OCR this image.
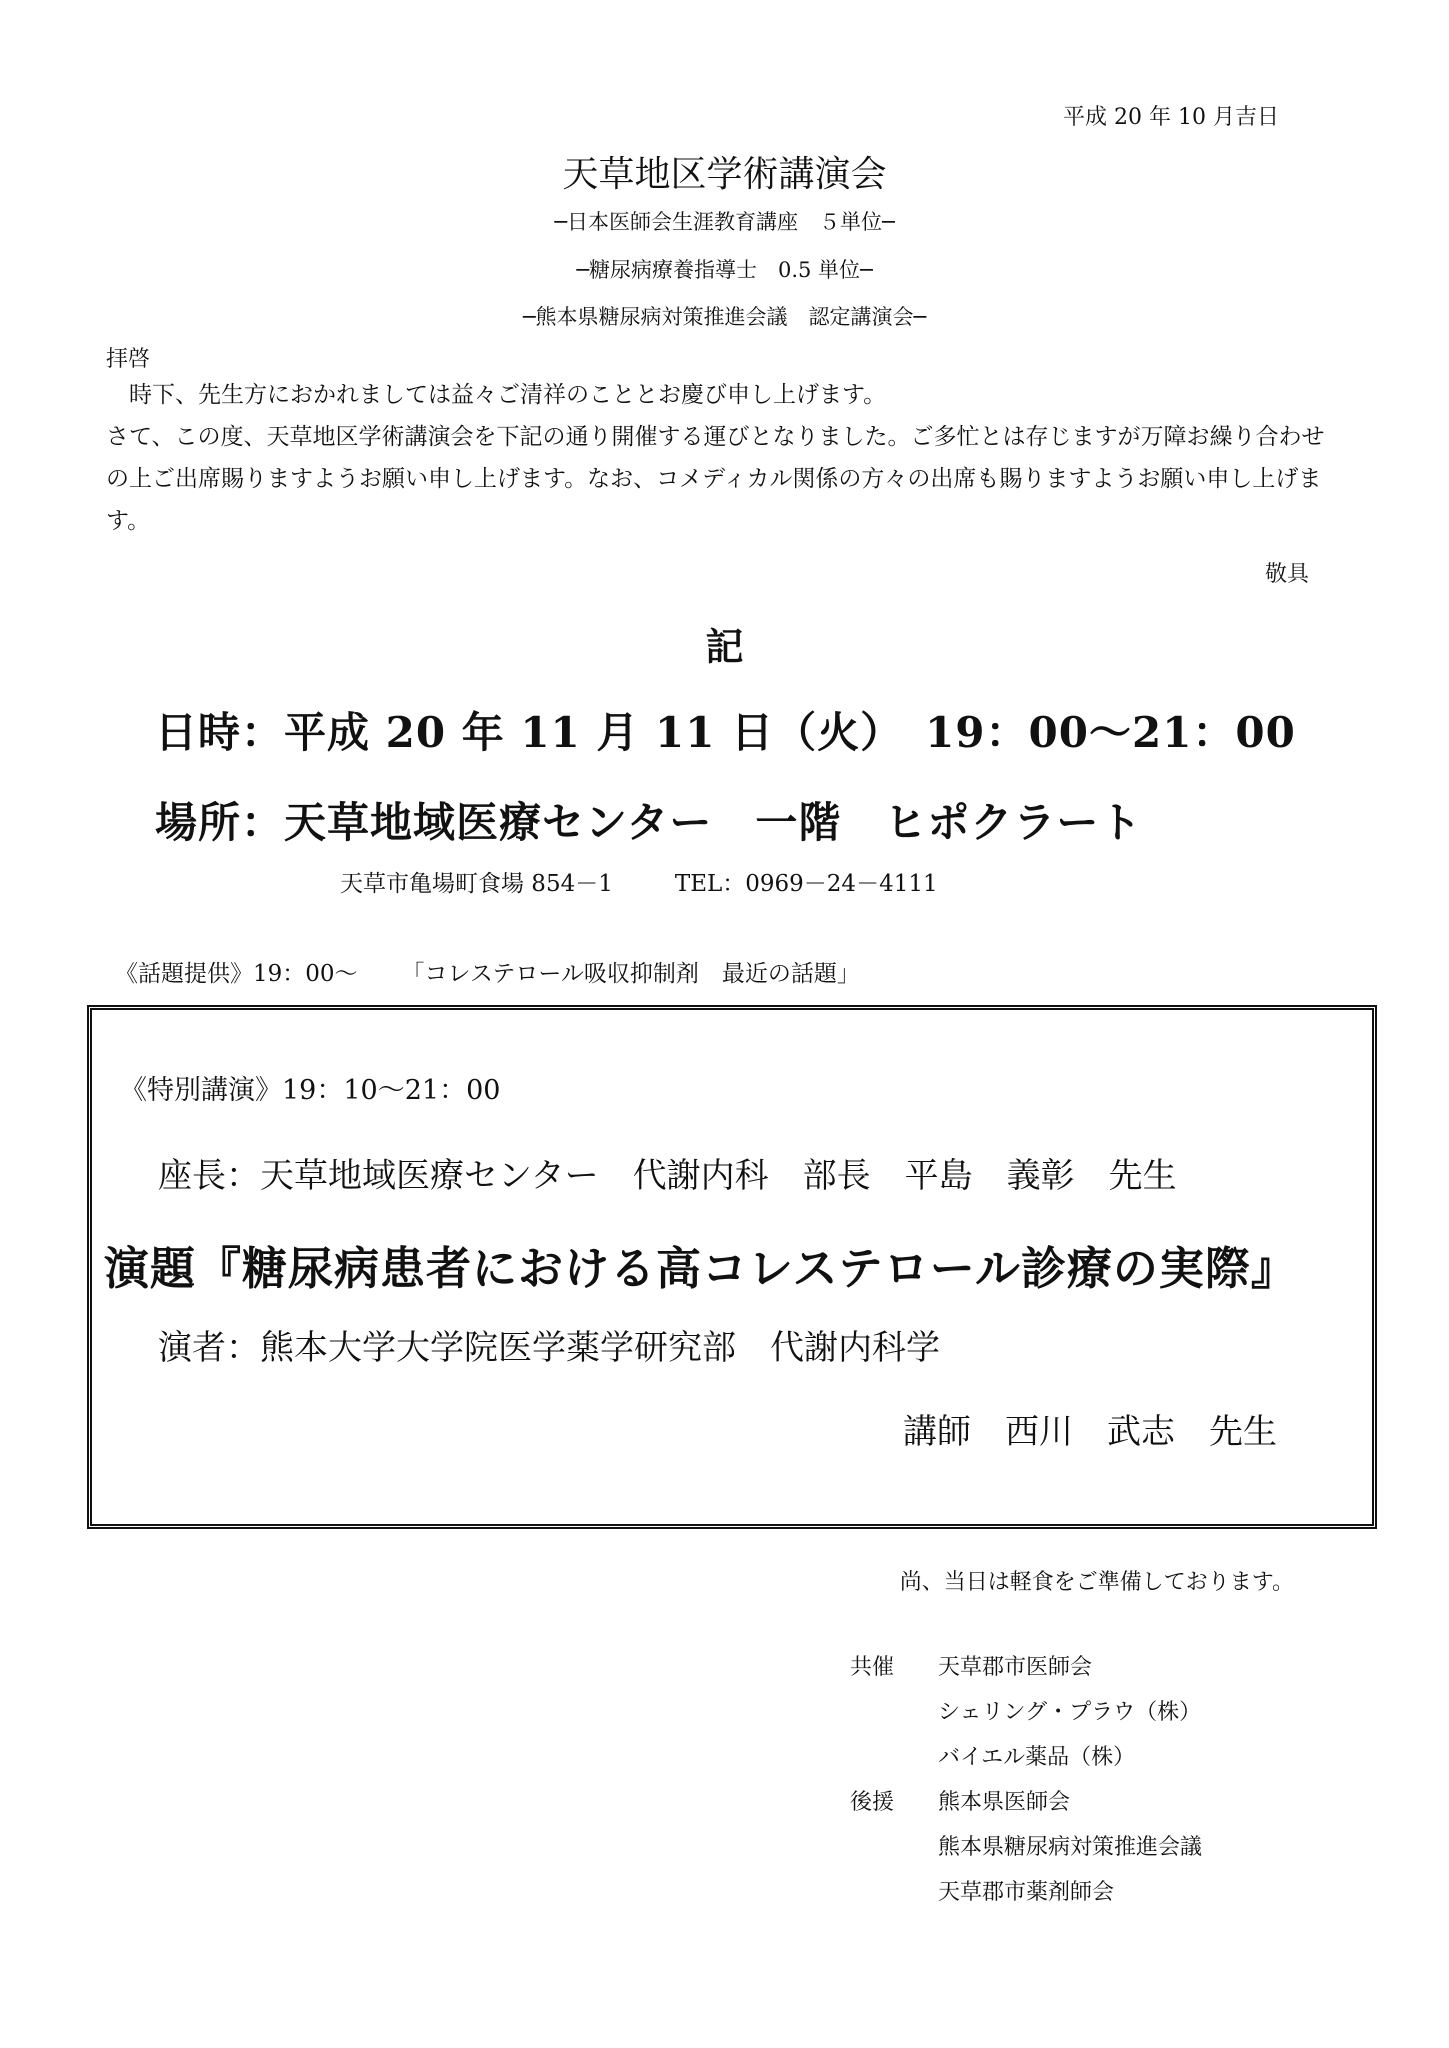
平成 20 年 10 月吉日
天草地区学術講演会
─日本医師会生涯教育講座　５単位─
─糖尿病療養指導士　0.5 単位─
─熊本県糖尿病対策推進会議　認定講演会─
拝啓
時下、先生方におかれましては益々ご清祥のこととお慶び申し上げます。
さて、この度、天草地区学術講演会を下記の通り開催する運びとなりました。ご多忙とは存じますが万障お繰り合わせの上ご出席賜りますようお願い申し上げます。なお、コメディカル関係の方々の出席も賜りますようお願い申し上げます。
敬具
記
日時：平成 20 年 11 月 11 日（火）　19：00～21：00
場所：天草地域医療センター　一階　ヒポクラート
天草市亀場町食場 854－1	TEL：0969－24－4111
《話題提供》19：00～ 「コレステロール吸収抑制剤　最近の話題」
《特別講演》19：10～21：00
座長：天草地域医療センター　代謝内科　部長　平島　義彰　先生
演題『糖尿病患者における高コレステロール診療の実際』
演者：熊本大学大学院医学薬学研究部　代謝内科学
講師　西川　武志　先生
尚、当日は軽食をご準備しております。
共催 天草郡市医師会
シェリング・プラウ（株）
バイエル薬品（株）
後援 熊本県医師会
熊本県糖尿病対策推進会議
天草郡市薬剤師会
